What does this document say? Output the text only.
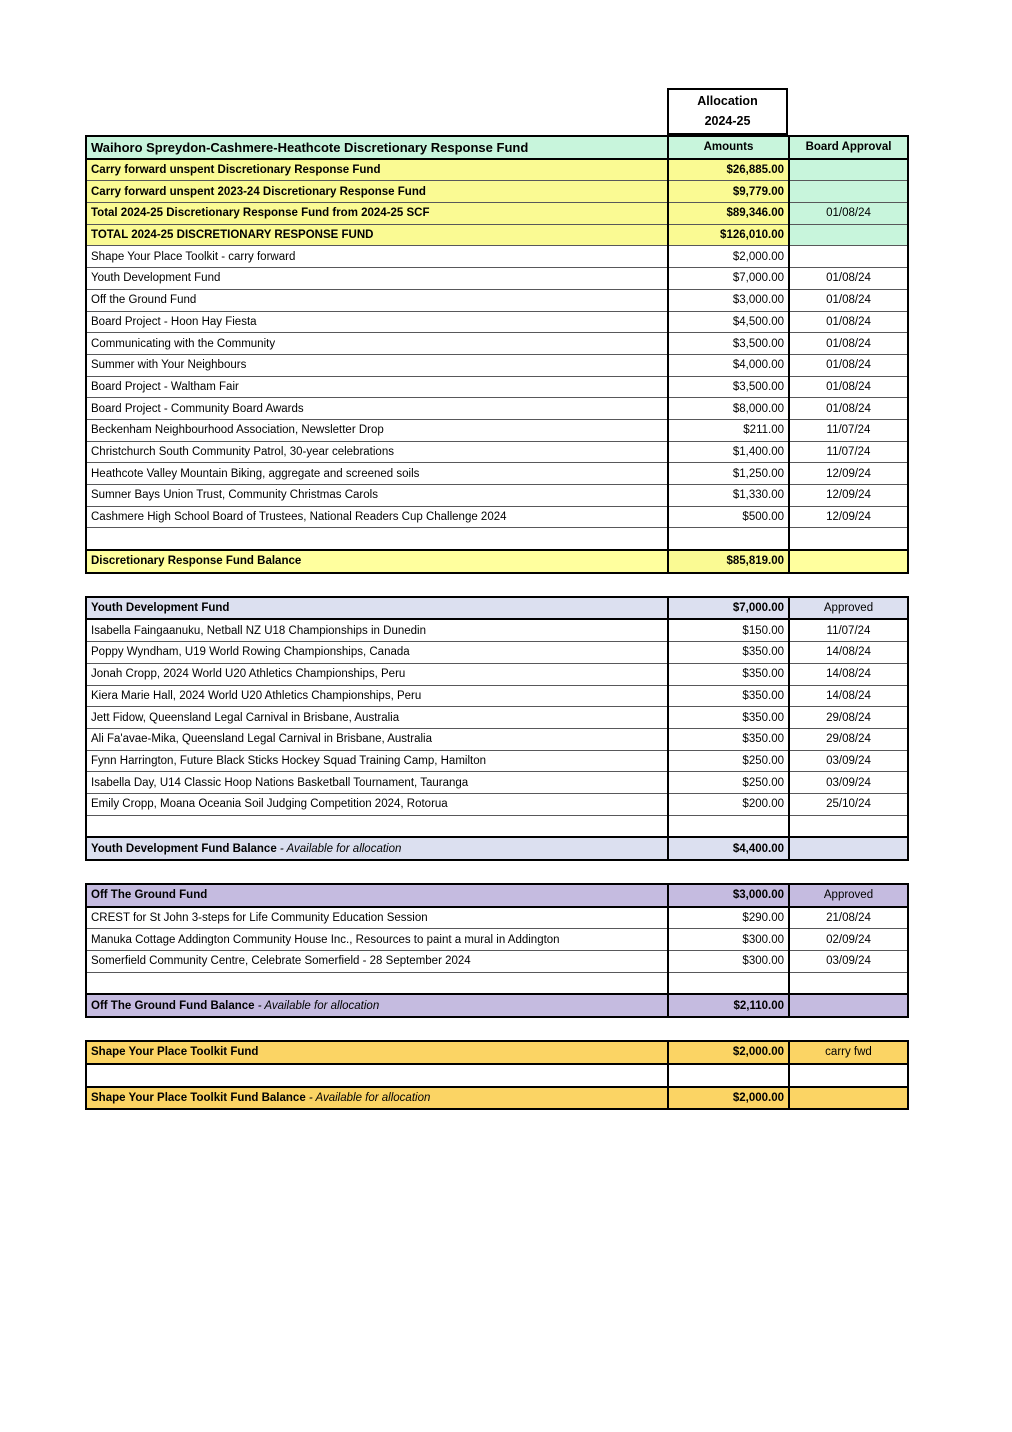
Allocation
2024-25
Waihoro Spreydon-Cashmere-Heathcote Discretionary Response Fund	Amounts	Board Approval
Carry forward unspent Discretionary Response Fund	$26,885.00	
Carry forward unspent 2023-24 Discretionary Response Fund	$9,779.00	
Total 2024-25 Discretionary Response Fund from 2024-25 SCF	$89,346.00	01/08/24
TOTAL 2024-25 DISCRETIONARY RESPONSE FUND	$126,010.00	
Shape Your Place Toolkit - carry forward	$2,000.00	
Youth Development Fund	$7,000.00	01/08/24
Off the Ground Fund	$3,000.00	01/08/24
Board Project - Hoon Hay Fiesta	$4,500.00	01/08/24
Communicating with the Community	$3,500.00	01/08/24
Summer with Your Neighbours	$4,000.00	01/08/24
Board Project - Waltham Fair	$3,500.00	01/08/24
Board Project - Community Board Awards	$8,000.00	01/08/24
Beckenham Neighbourhood Association, Newsletter Drop	$211.00	11/07/24
Christchurch South Community Patrol, 30-year celebrations	$1,400.00	11/07/24
Heathcote Valley Mountain Biking, aggregate and screened soils	$1,250.00	12/09/24
Sumner Bays Union Trust, Community Christmas Carols	$1,330.00	12/09/24
Cashmere High School Board of Trustees, National Readers Cup Challenge 2024	$500.00	12/09/24

Discretionary Response Fund Balance	$85,819.00	
Youth Development Fund	$7,000.00	Approved
Isabella Faingaanuku, Netball NZ U18 Championships in Dunedin	$150.00	11/07/24
Poppy Wyndham, U19 World Rowing Championships, Canada	$350.00	14/08/24
Jonah Cropp, 2024 World U20 Athletics Championships, Peru	$350.00	14/08/24
Kiera Marie Hall, 2024 World U20 Athletics Championships, Peru	$350.00	14/08/24
Jett Fidow, Queensland Legal Carnival in Brisbane, Australia	$350.00	29/08/24
Ali Fa'avae-Mika, Queensland Legal Carnival in Brisbane, Australia	$350.00	29/08/24
Fynn Harrington, Future Black Sticks Hockey Squad Training Camp, Hamilton	$250.00	03/09/24
Isabella Day, U14 Classic Hoop Nations Basketball Tournament, Tauranga	$250.00	03/09/24
Emily Cropp, Moana Oceania Soil Judging Competition 2024, Rotorua	$200.00	25/10/24

Youth Development Fund Balance - Available for allocation	$4,400.00	
Off The Ground Fund	$3,000.00	Approved
CREST for St John 3-steps for Life Community Education Session	$290.00	21/08/24
Manuka Cottage Addington Community House Inc., Resources to paint a mural in Addington	$300.00	02/09/24
Somerfield Community Centre, Celebrate Somerfield - 28 September 2024	$300.00	03/09/24

Off The Ground Fund Balance - Available for allocation	$2,110.00	
Shape Your Place Toolkit Fund	$2,000.00	carry fwd

Shape Your Place Toolkit Fund Balance - Available for allocation	$2,000.00	
